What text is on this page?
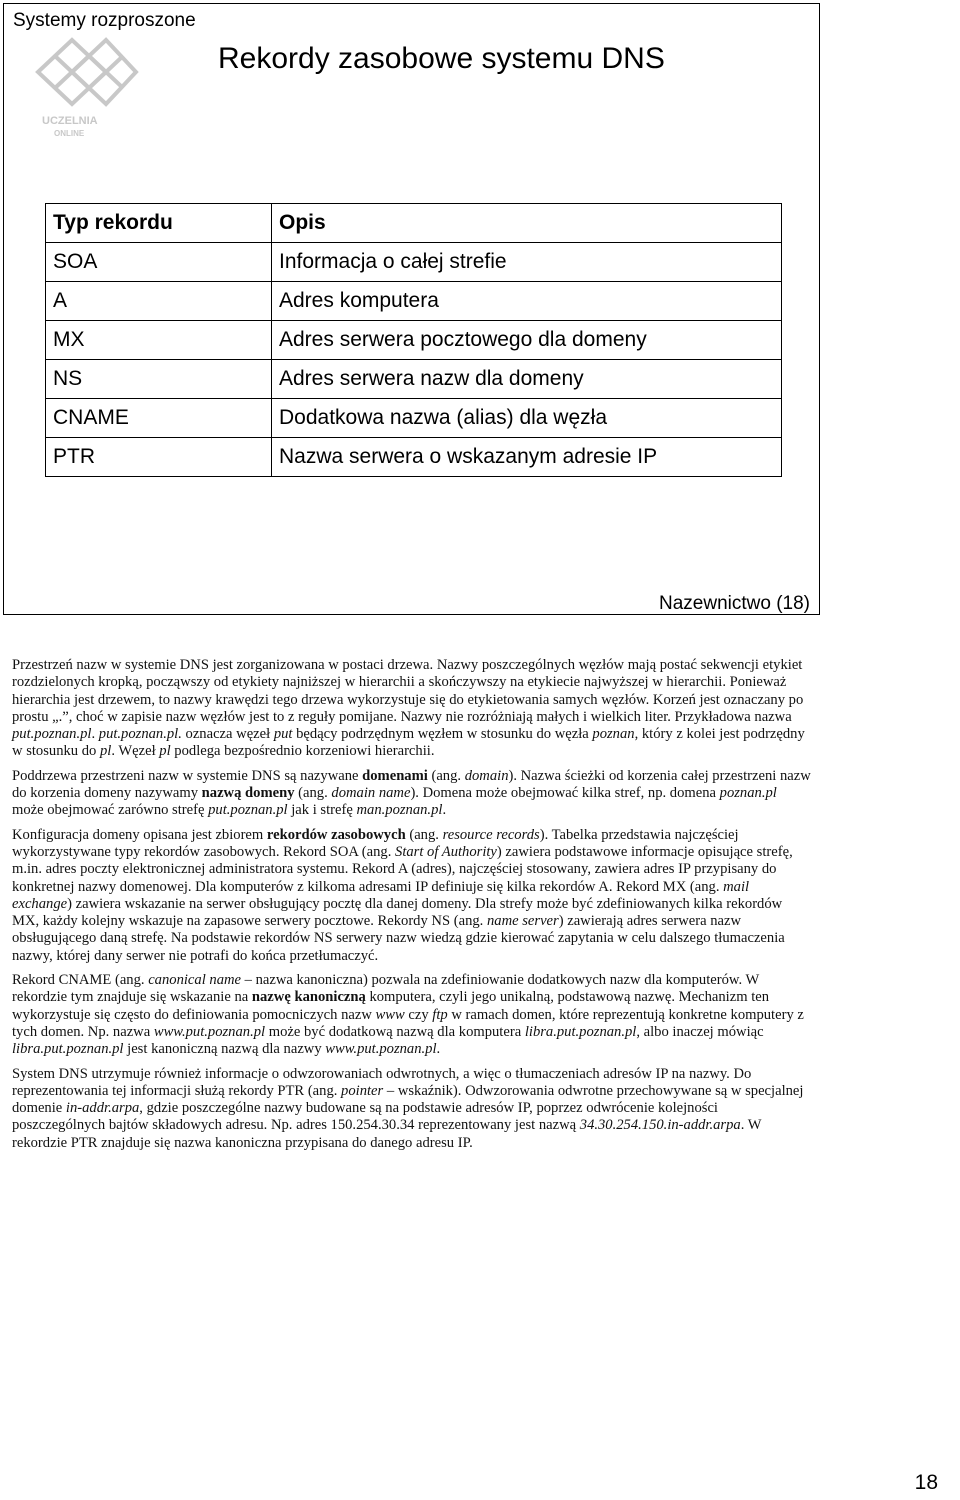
Systemy rozproszone
UCZELNIA
ONLINE
Rekordy zasobowe systemu DNS
Typ rekordu	Opis
SOA	Informacja o całej strefie
A	Adres komputera
MX	Adres serwera pocztowego dla domeny
NS	Adres serwera nazw dla domeny
CNAME	Dodatkowa nazwa (alias) dla węzła
PTR	Nazwa serwera o wskazanym adresie IP
Nazewnictwo (18)

Przestrzeń nazw w systemie DNS jest zorganizowana w postaci drzewa. Nazwy poszczególnych węzłów mają postać sekwencji etykiet rozdzielonych kropką, począwszy od etykiety najniższej w hierarchii a skończywszy na etykiecie najwyższej w hierarchii. Ponieważ hierarchia jest drzewem, to nazwy krawędzi tego drzewa wykorzystuje się do etykietowania samych węzłów. Korzeń jest oznaczany po prostu „.”, choć w zapisie nazw węzłów jest to z reguły pomijane. Nazwy nie rozróżniają małych i wielkich liter. Przykładowa nazwa put.poznan.pl. put.poznan.pl. oznacza węzeł put będący podrzędnym węzłem w stosunku do węzła poznan, który z kolei jest podrzędny w stosunku do pl. Węzeł pl podlega bezpośrednio korzeniowi hierarchii.

Poddrzewa przestrzeni nazw w systemie DNS są nazywane domenami (ang. domain). Nazwa ścieżki od korzenia całej przestrzeni nazw do korzenia domeny nazywamy nazwą domeny (ang. domain name). Domena może obejmować kilka stref, np. domena poznan.pl może obejmować zarówno strefę put.poznan.pl jak i strefę man.poznan.pl.

Konfiguracja domeny opisana jest zbiorem rekordów zasobowych (ang. resource records). Tabelka przedstawia najczęściej wykorzystywane typy rekordów zasobowych. Rekord SOA (ang. Start of Authority) zawiera podstawowe informacje opisujące strefę, m.in. adres poczty elektronicznej administratora systemu. Rekord A (adres), najczęściej stosowany, zawiera adres IP przypisany do konkretnej nazwy domenowej. Dla komputerów z kilkoma adresami IP definiuje się kilka rekordów A. Rekord MX (ang. mail exchange) zawiera wskazanie na serwer obsługujący pocztę dla danej domeny. Dla strefy może być zdefiniowanych kilka rekordów MX, każdy kolejny wskazuje na zapasowe serwery pocztowe. Rekordy NS (ang. name server) zawierają adres serwera nazw obsługującego daną strefę. Na podstawie rekordów NS serwery nazw wiedzą gdzie kierować zapytania w celu dalszego tłumaczenia nazwy, której dany serwer nie potrafi do końca przetłumaczyć.

Rekord CNAME (ang. canonical name – nazwa kanoniczna) pozwala na zdefiniowanie dodatkowych nazw dla komputerów. W rekordzie tym znajduje się wskazanie na nazwę kanoniczną komputera, czyli jego unikalną, podstawową nazwę. Mechanizm ten wykorzystuje się często do definiowania pomocniczych nazw www czy ftp w ramach domen, które reprezentują konkretne komputery z tych domen. Np. nazwa www.put.poznan.pl może być dodatkową nazwą dla komputera libra.put.poznan.pl, albo inaczej mówiąc libra.put.poznan.pl jest kanoniczną nazwą dla nazwy www.put.poznan.pl.

System DNS utrzymuje również informacje o odwzorowaniach odwrotnych, a więc o tłumaczeniach adresów IP na nazwy. Do reprezentowania tej informacji służą rekordy PTR (ang. pointer – wskaźnik). Odwzorowania odwrotne przechowywane są w specjalnej domenie in-addr.arpa, gdzie poszczególne nazwy budowane są na podstawie adresów IP, poprzez odwrócenie kolejności poszczególnych bajtów składowych adresu. Np. adres 150.254.30.34 reprezentowany jest nazwą 34.30.254.150.in-addr.arpa. W rekordzie PTR znajduje się nazwa kanoniczna przypisana do danego adresu IP.

18
